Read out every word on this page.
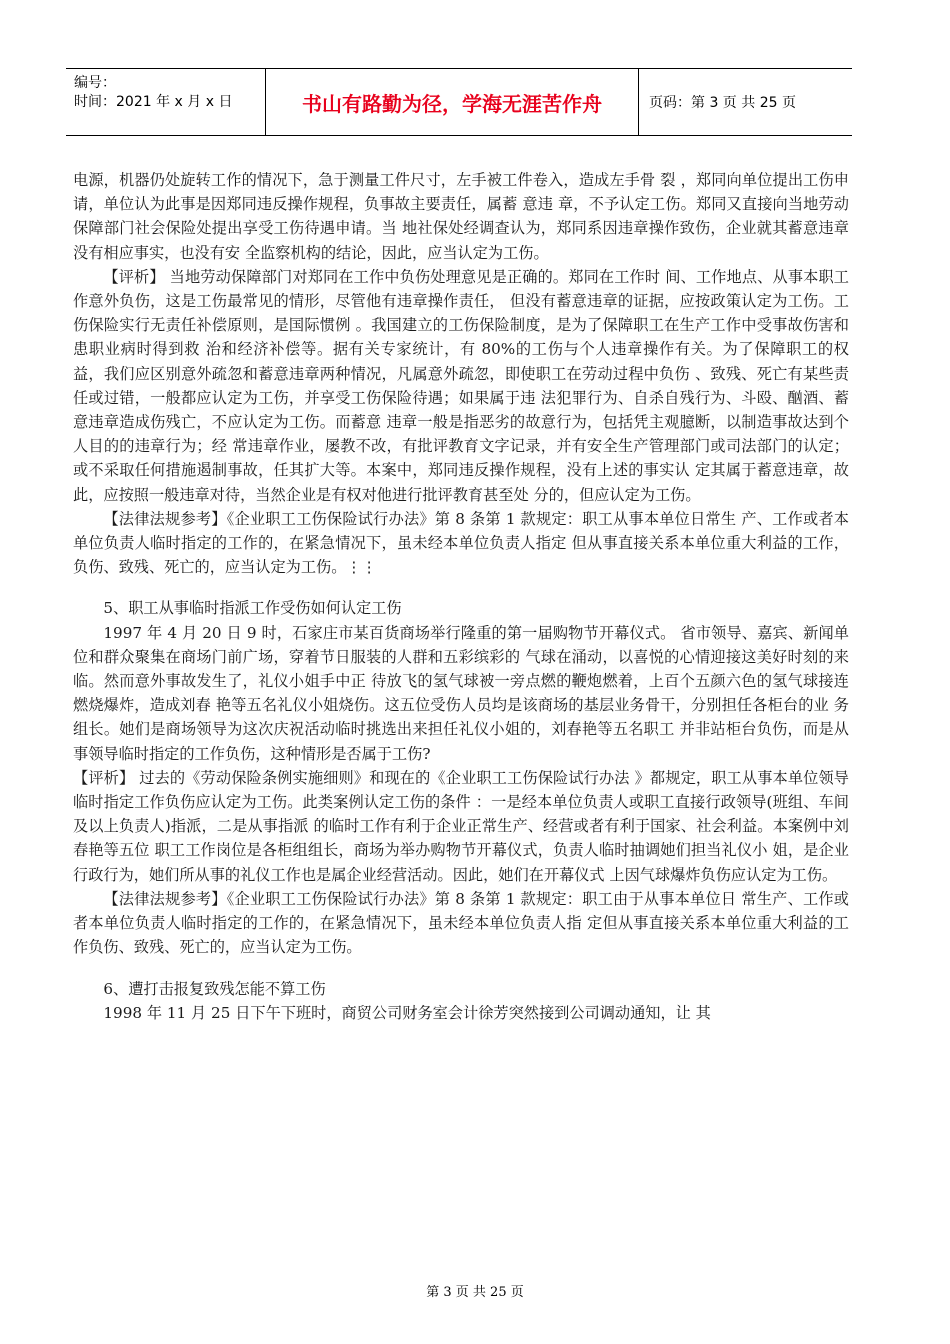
编号：
时间：2021 年 x 月 x 日	书山有路勤为径，学海无涯苦作舟	页码：第 3 页 共 25 页

电源，机器仍处旋转工作的情况下，急于测量工件尺寸，左手被工件卷入，造成左手骨 裂 ，郑同向单位提出工伤申请，单位认为此事是因郑同违反操作规程，负事故主要责任，属蓄 意违 章，不予认定工伤。郑同又直接向当地劳动保障部门社会保险处提出享受工伤待遇申请。当 地社保处经调查认为，郑同系因违章操作致伤，企业就其蓄意违章没有相应事实，也没有安 全监察机构的结论，因此，应当认定为工伤。

【评析】 当地劳动保障部门对郑同在工作中负伤处理意见是正确的。郑同在工作时 间、工作地点、从事本职工作意外负伤，这是工伤最常见的情形，尽管他有违章操作责任， 但没有蓄意违章的证据，应按政策认定为工伤。工伤保险实行无责任补偿原则，是国际惯例 。我国建立的工伤保险制度，是为了保障职工在生产工作中受事故伤害和患职业病时得到救 治和经济补偿等。据有关专家统计，有 80%的工伤与个人违章操作有关。为了保障职工的权 益，我们应区别意外疏忽和蓄意违章两种情况，凡属意外疏忽，即使职工在劳动过程中负伤 、致残、死亡有某些责任或过错，一般都应认定为工伤，并享受工伤保险待遇；如果属于违 法犯罪行为、自杀自残行为、斗殴、酗酒、蓄意违章造成伤残亡，不应认定为工伤。而蓄意 违章一般是指恶劣的故意行为，包括凭主观臆断，以制造事故达到个人目的的违章行为；经 常违章作业，屡教不改，有批评教育文字记录，并有安全生产管理部门或司法部门的认定； 或不采取任何措施遏制事故，任其扩大等。本案中，郑同违反操作规程，没有上述的事实认 定其属于蓄意违章，故此，应按照一般违章对待，当然企业是有权对他进行批评教育甚至处 分的，但应认定为工伤。

【法律法规参考】《企业职工工伤保险试行办法》第 8 条第 1 款规定：职工从事本单位日常生 产、工作或者本单位负责人临时指定的工作的，在紧急情况下，虽未经本单位负责人指定 但从事直接关系本单位重大利益的工作，负伤、致残、死亡的，应当认定为工伤。⋮⋮

5、职工从事临时指派工作受伤如何认定工伤

1997 年 4 月 20 日 9 时，石家庄市某百货商场举行隆重的第一届购物节开幕仪式。 省市领导、嘉宾、新闻单位和群众聚集在商场门前广场，穿着节日服装的人群和五彩缤彩的 气球在涌动，以喜悦的心情迎接这美好时刻的来临。然而意外事故发生了，礼仪小姐手中正 待放飞的氢气球被一旁点燃的鞭炮燃着，上百个五颜六色的氢气球接连燃烧爆炸，造成刘春 艳等五名礼仪小姐烧伤。这五位受伤人员均是该商场的基层业务骨干，分别担任各柜台的业 务组长。她们是商场领导为这次庆祝活动临时挑选出来担任礼仪小姐的，刘春艳等五名职工 并非站柜台负伤，而是从事领导临时指定的工作负伤，这种情形是否属于工伤?

【评析】 过去的《劳动保险条例实施细则》和现在的《企业职工工伤保险试行办法 》都规定，职工从事本单位领导临时指定工作负伤应认定为工伤。此类案例认定工伤的条件 ：一是经本单位负责人或职工直接行政领导(班组、车间及以上负责人)指派，二是从事指派 的临时工作有利于企业正常生产、经营或者有利于国家、社会利益。本案例中刘春艳等五位 职工工作岗位是各柜组组长，商场为举办购物节开幕仪式，负责人临时抽调她们担当礼仪小 姐，是企业行政行为，她们所从事的礼仪工作也是属企业经营活动。因此，她们在开幕仪式 上因气球爆炸负伤应认定为工伤。

【法律法规参考】《企业职工工伤保险试行办法》第 8 条第 1 款规定：职工由于从事本单位日 常生产、工作或者本单位负责人临时指定的工作的，在紧急情况下，虽未经本单位负责人指 定但从事直接关系本单位重大利益的工作负伤、致残、死亡的，应当认定为工伤。

6、遭打击报复致残怎能不算工伤

1998 年 11 月 25 日下午下班时，商贸公司财务室会计徐芳突然接到公司调动通知，让 其

第 3 页 共 25 页
